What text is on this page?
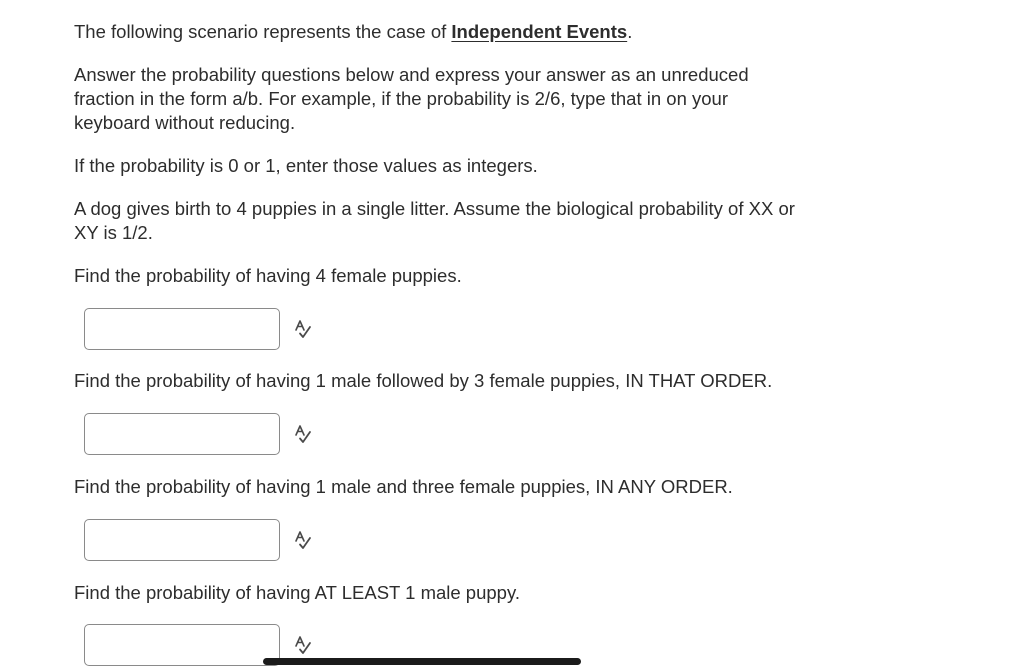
The following scenario represents the case of Independent Events.

Answer the probability questions below and express your answer as an unreduced fraction in the form a/b. For example, if the probability is 2/6, type that in on your keyboard without reducing.

If the probability is 0 or 1, enter those values as integers.

A dog gives birth to 4 puppies in a single litter. Assume the biological probability of XX or XY is 1/2.

Find the probability of having 4 female puppies.

Find the probability of having 1 male followed by 3 female puppies, IN THAT ORDER.

Find the probability of having 1 male and three female puppies, IN ANY ORDER.

Find the probability of having AT LEAST 1 male puppy.
